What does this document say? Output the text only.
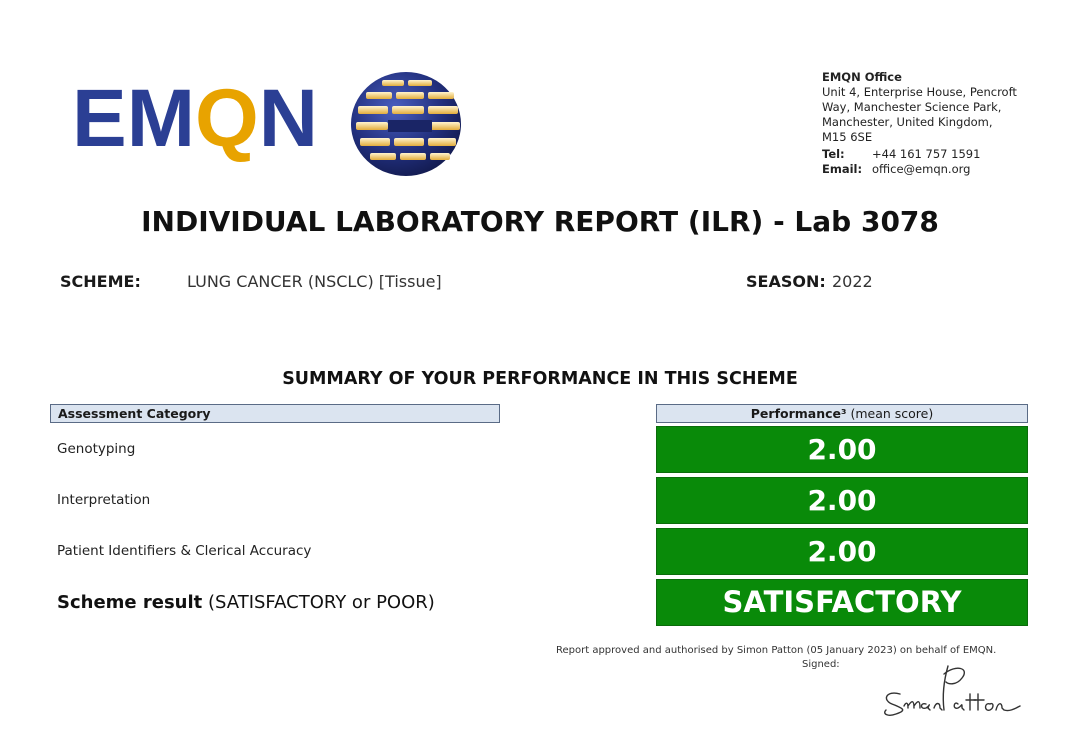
EMQN	EMQN Office
Unit 4, Enterprise House, Pencroft
Way, Manchester Science Park,
Manchester, United Kingdom,
M15 6SE
Tel:	+44 161 757 1591
Email: office@emqn.org
INDIVIDUAL LABORATORY REPORT (ILR) - Lab 3078
SCHEME:	LUNG CANCER (NSCLC) [Tissue]	SEASON: 2022
SUMMARY OF YOUR PERFORMANCE IN THIS SCHEME
Assessment Category	Performance³ (mean score)
Genotyping	2.00
Interpretation	2.00
Patient Identifiers & Clerical Accuracy	2.00
Scheme result (SATISFACTORY or POOR)	SATISFACTORY
Report approved and authorised by Simon Patton (05 January 2023) on behalf of EMQN.
Signed:
